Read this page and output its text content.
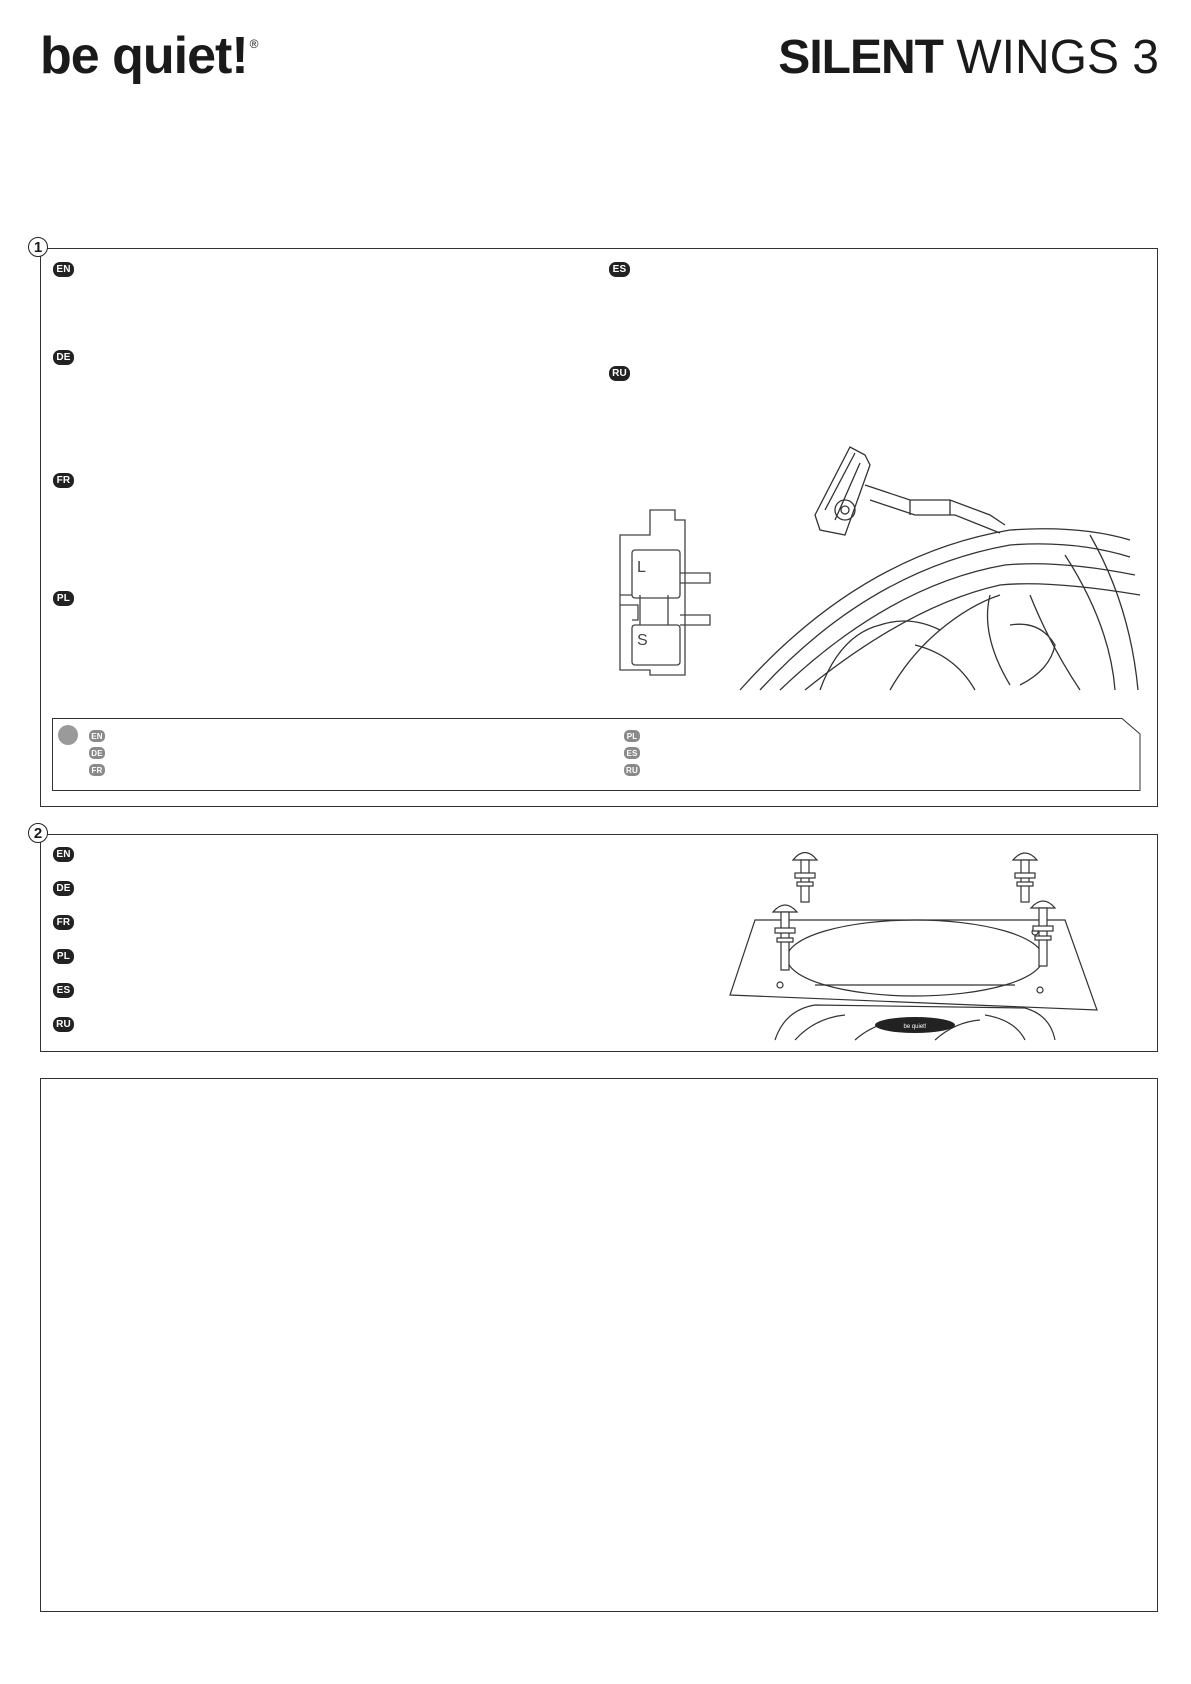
be quiet! ®	SILENT WINGS 3
1
EN
DE
FR
PL
ES
RU
L
S
EN
DE
FR
PL
ES
RU
2
EN
DE
FR
PL
ES
RU	be quiet!
